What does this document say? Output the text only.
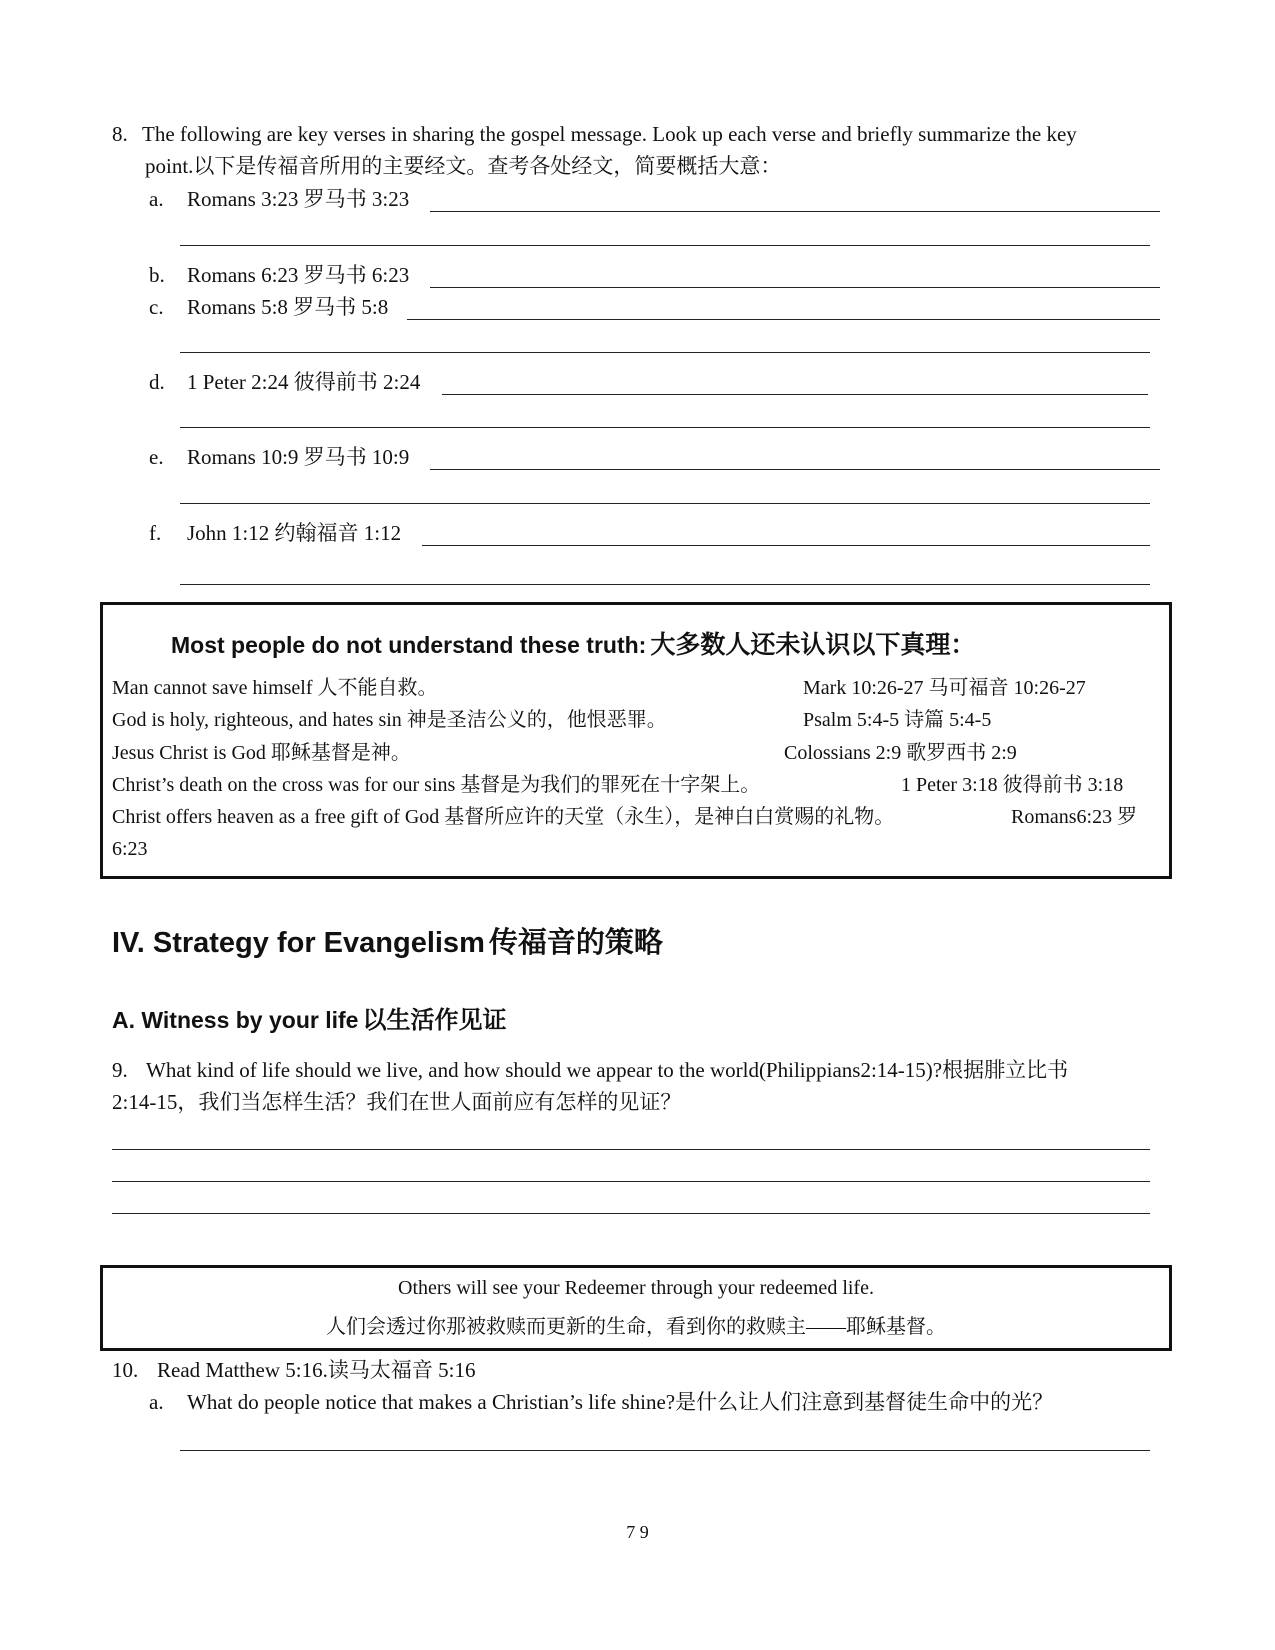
8. The following are key verses in sharing the gospel message. Look up each verse and briefly summarize the key
point.以下是传福音所用的主要经文。查考各处经文，简要概括大意：
a. Romans 3:23 罗马书 3:23
b. Romans 6:23 罗马书 6:23
c. Romans 5:8 罗马书 5:8
d. 1 Peter 2:24 彼得前书 2:24
e. Romans 10:9 罗马书 10:9
f. John 1:12 约翰福音 1:12
Most people do not understand these truth: 大多数人还未认识以下真理：
Man cannot save himself 人不能自救。	Mark 10:26-27 马可福音 10:26-27
God is holy, righteous, and hates sin 神是圣洁公义的，他恨恶罪。	Psalm 5:4-5 诗篇 5:4-5
Jesus Christ is God 耶稣基督是神。	Colossians 2:9 歌罗西书 2:9
Christ’s death on the cross was for our sins 基督是为我们的罪死在十字架上。	1 Peter 3:18 彼得前书 3:18
Christ offers heaven as a free gift of God 基督所应许的天堂（永生），是神白白赏赐的礼物。	Romans6:23 罗
6:23
IV. Strategy for Evangelism 传福音的策略
A. Witness by your life 以生活作见证
9. What kind of life should we live, and how should we appear to the world(Philippians2:14-15)?根据腓立比书
2:14-15，我们当怎样生活？我们在世人面前应有怎样的见证？
Others will see your Redeemer through your redeemed life.
人们会透过你那被救赎而更新的生命，看到你的救赎主——耶稣基督。
10. Read Matthew 5:16.读马太福音 5:16
a. What do people notice that makes a Christian’s life shine?是什么让人们注意到基督徒生命中的光？
7 9
